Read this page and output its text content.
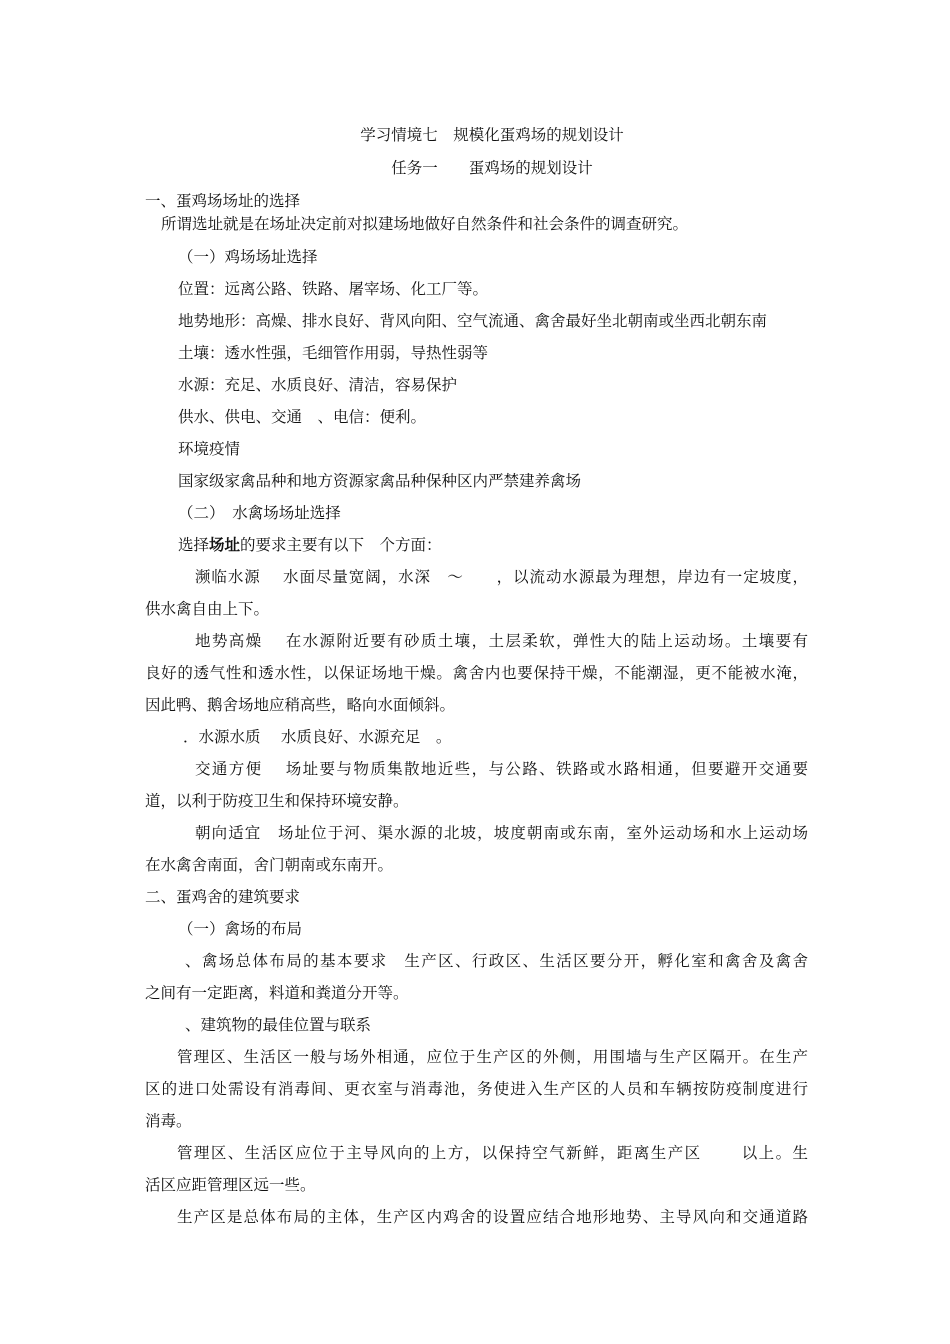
学习情境七　规模化蛋鸡场的规划设计
任务一　　蛋鸡场的规划设计
一、蛋鸡场场址的选择
所谓选址就是在场址决定前对拟建场地做好自然条件和社会条件的调查研究。
（一）鸡场场址选择
位置：远离公路、铁路、屠宰场、化工厂等。
地势地形：高燥、排水良好、背风向阳、空气流通、禽舍最好坐北朝南或坐西北朝东南
土壤：透水性强，毛细管作用弱，导热性弱等
水源：充足、水质良好、清洁，容易保护
供水、供电、交通　、电信：便利。
环境疫情
国家级家禽品种和地方资源家禽品种保种区内严禁建养禽场
（二）　水禽场场址选择
选择场址的要求主要有以下　个方面：
濒临水源　 水面尽量宽阔，水深　～　　，以流动水源最为理想，岸边有一定坡度，
供水禽自由上下。
地势高燥　 在水源附近要有砂质土壤，土层柔软，弹性大的陆上运动场。土壤要有
良好的透气性和透水性，以保证场地干燥。禽舍内也要保持干燥，不能潮湿，更不能被水淹，
因此鸭、鹅舍场地应稍高些，略向水面倾斜。
．水源水质　 水质良好、水源充足　。
交通方便　 场址要与物质集散地近些，与公路、铁路或水路相通，但要避开交通要
道，以利于防疫卫生和保持环境安静。
朝向适宜　场址位于河、渠水源的北坡，坡度朝南或东南，室外运动场和水上运动场
在水禽舍南面，舍门朝南或东南开。
二、蛋鸡舍的建筑要求
（一）禽场的布局
、禽场总体布局的基本要求　生产区、行政区、生活区要分开，孵化室和禽舍及禽舍
之间有一定距离，料道和粪道分开等。
、建筑物的最佳位置与联系
管理区、生活区一般与场外相通，应位于生产区的外侧，用围墙与生产区隔开。在生产
区的进口处需设有消毒间、更衣室与消毒池，务使进入生产区的人员和车辆按防疫制度进行
消毒。
管理区、生活区应位于主导风向的上方，以保持空气新鲜，距离生产区　　 以上。生
活区应距管理区远一些。
生产区是总体布局的主体，生产区内鸡舍的设置应结合地形地势、主导风向和交通道路
